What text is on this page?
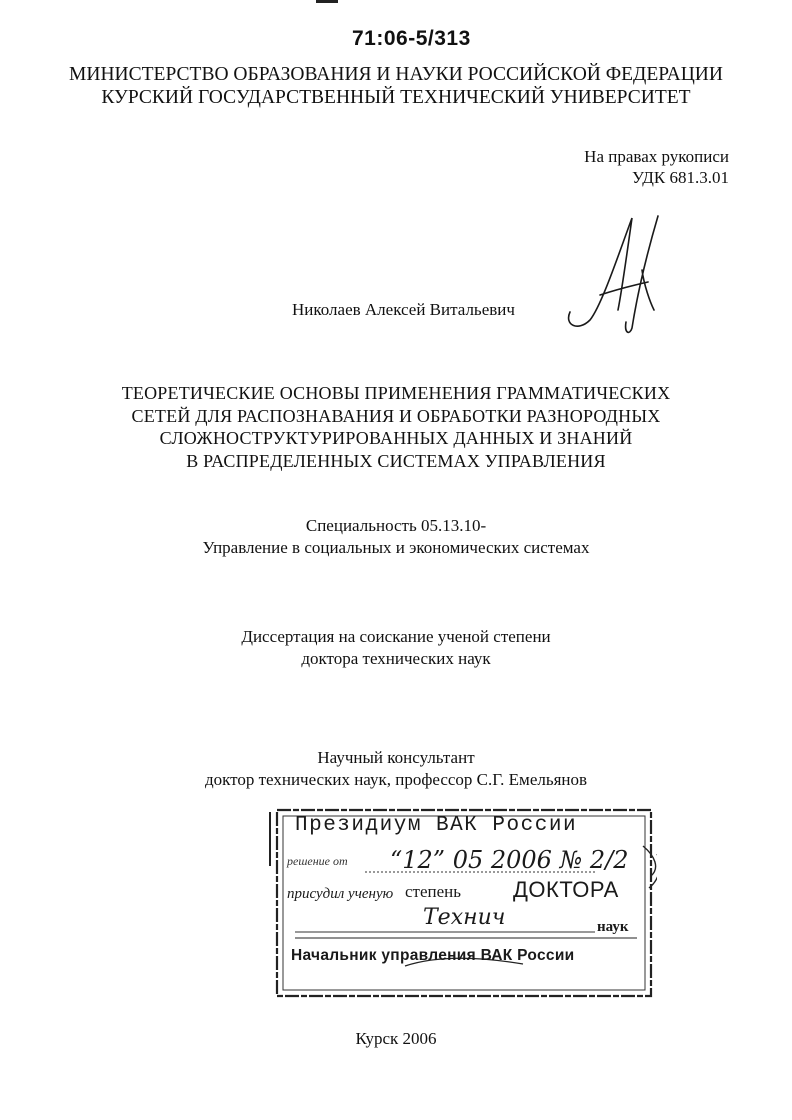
71:06-5/313
МИНИСТЕРСТВО ОБРАЗОВАНИЯ И НАУКИ РОССИЙСКОЙ ФЕДЕРАЦИИ
КУРСКИЙ ГОСУДАРСТВЕННЫЙ ТЕХНИЧЕСКИЙ УНИВЕРСИТЕТ
На правах рукописи
УДК 681.3.01
Николаев Алексей Витальевич
ТЕОРЕТИЧЕСКИЕ ОСНОВЫ ПРИМЕНЕНИЯ ГРАММАТИЧЕСКИХ
СЕТЕЙ ДЛЯ РАСПОЗНАВАНИЯ И ОБРАБОТКИ РАЗНОРОДНЫХ
СЛОЖНОСТРУКТУРИРОВАННЫХ ДАННЫХ И ЗНАНИЙ
В РАСПРЕДЕЛЕННЫХ СИСТЕМАХ УПРАВЛЕНИЯ
Специальность 05.13.10-
Управление в социальных и экономических системах
Диссертация на соискание ученой степени
доктора технических наук
Научный консультант
доктор технических наук, профессор С.Г. Емельянов
Президиум ВАК России
решение от “12” 05 2006 № 2/2
присудил ученую степень ДОКТОРА
Технич	наук
Начальник управления ВАК России
Курск 2006
